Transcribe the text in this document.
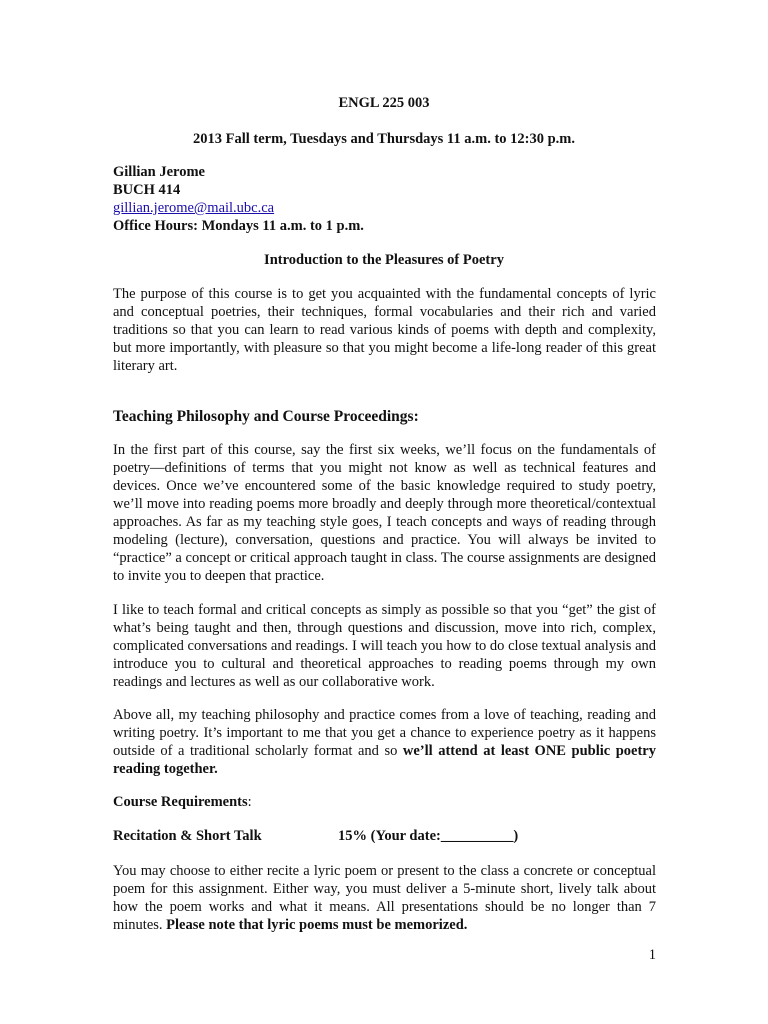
ENGL 225 003
2013 Fall term, Tuesdays and Thursdays 11 a.m. to 12:30 p.m.
Gillian Jerome
BUCH 414
gillian.jerome@mail.ubc.ca
Office Hours: Mondays 11 a.m. to 1 p.m.
Introduction to the Pleasures of Poetry

The purpose of this course is to get you acquainted with the fundamental concepts of lyric and conceptual poetries, their techniques, formal vocabularies and their rich and varied traditions so that you can learn to read various kinds of poems with depth and complexity, but more importantly, with pleasure so that you might become a life-long reader of this great literary art.

Teaching Philosophy and Course Proceedings:

In the first part of this course, say the first six weeks, we’ll focus on the fundamentals of poetry—definitions of terms that you might not know as well as technical features and devices. Once we’ve encountered some of the basic knowledge required to study poetry, we’ll move into reading poems more broadly and deeply through more theoretical/contextual approaches. As far as my teaching style goes, I teach concepts and ways of reading through modeling (lecture), conversation, questions and practice. You will always be invited to “practice” a concept or critical approach taught in class. The course assignments are designed to invite you to deepen that practice.

I like to teach formal and critical concepts as simply as possible so that you “get” the gist of what’s being taught and then, through questions and discussion, move into rich, complex, complicated conversations and readings. I will teach you how to do close textual analysis and introduce you to cultural and theoretical approaches to reading poems through my own readings and lectures as well as our collaborative work.

Above all, my teaching philosophy and practice comes from a love of teaching, reading and writing poetry. It’s important to me that you get a chance to experience poetry as it happens outside of a traditional scholarly format and so we’ll attend at least ONE public poetry reading together.

Course Requirements:
Recitation & Short Talk	15% (Your date:__________)

You may choose to either recite a lyric poem or present to the class a concrete or conceptual poem for this assignment. Either way, you must deliver a 5-minute short, lively talk about how the poem works and what it means. All presentations should be no longer than 7 minutes. Please note that lyric poems must be memorized.

1
